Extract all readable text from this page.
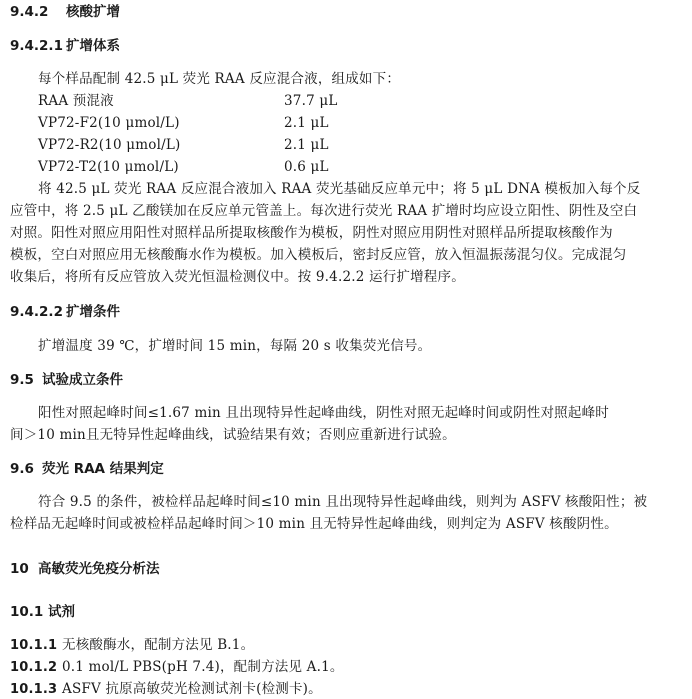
9.4.2 核酸扩增
9.4.2.1 扩增体系
每个样品配制 42.5 μL 荧光 RAA 反应混合液，组成如下：
RAA 预混液	37.7 μL
VP72-F2(10 μmol/L)	2.1 μL
VP72-R2(10 μmol/L)	2.1 μL
VP72-T2(10 μmol/L)	0.6 μL
将 42.5 μL 荧光 RAA 反应混合液加入 RAA 荧光基础反应单元中；将 5 μL DNA 模板加入每个反
应管中，将 2.5 μL 乙酸镁加在反应单元管盖上。每次进行荧光 RAA 扩增时均应设立阳性、阴性及空白
对照。阳性对照应用阳性对照样品所提取核酸作为模板，阴性对照应用阴性对照样品所提取核酸作为
模板，空白对照应用无核酸酶水作为模板。加入模板后，密封反应管，放入恒温振荡混匀仪。完成混匀
收集后，将所有反应管放入荧光恒温检测仪中。按 9.4.2.2 运行扩增程序。
9.4.2.2 扩增条件
扩增温度 39 ℃，扩增时间 15 min，每隔 20 s 收集荧光信号。
9.5 试验成立条件
阳性对照起峰时间≤1.67 min 且出现特异性起峰曲线，阴性对照无起峰时间或阴性对照起峰时
间＞10 min且无特异性起峰曲线，试验结果有效；否则应重新进行试验。
9.6 荧光 RAA 结果判定
符合 9.5 的条件，被检样品起峰时间≤10 min 且出现特异性起峰曲线，则判为 ASFV 核酸阳性；被
检样品无起峰时间或被检样品起峰时间＞10 min 且无特异性起峰曲线，则判定为 ASFV 核酸阴性。
10 高敏荧光免疫分析法
10.1 试剂
10.1.1 无核酸酶水，配制方法见 B.1。
10.1.2 0.1 mol/L PBS(pH 7.4)，配制方法见 A.1。
10.1.3 ASFV 抗原高敏荧光检测试剂卡(检测卡)。
